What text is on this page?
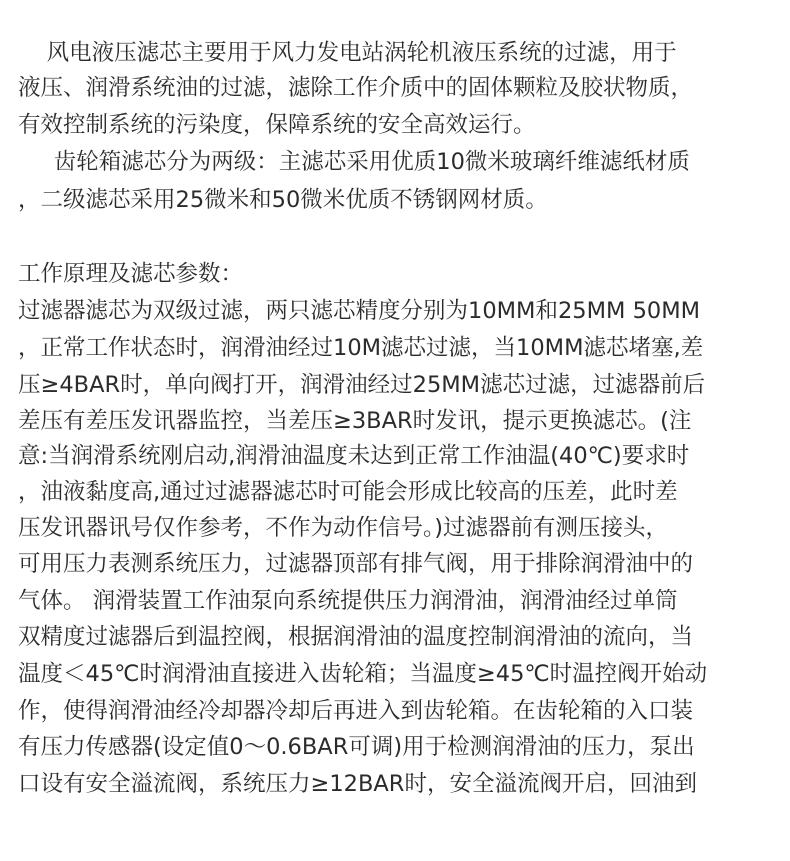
风电液压滤芯主要用于风力发电站涡轮机液压系统的过滤，用于
液压、润滑系统油的过滤，滤除工作介质中的固体颗粒及胶状物质，
有效控制系统的污染度，保障系统的安全高效运行。
齿轮箱滤芯分为两级：主滤芯采用优质10微米玻璃纤维滤纸材质
，二级滤芯采用25微米和50微米优质不锈钢网材质。
工作原理及滤芯参数：
过滤器滤芯为双级过滤，两只滤芯精度分别为10MM和25MM 50MM
，正常工作状态时，润滑油经过10M滤芯过滤，当10MM滤芯堵塞,差
压≥4BAR时，单向阀打开，润滑油经过25MM滤芯过滤，过滤器前后
差压有差压发讯器监控，当差压≥3BAR时发讯，提示更换滤芯。(注
意:当润滑系统刚启动,润滑油温度未达到正常工作油温(40℃)要求时
，油液黏度高,通过过滤器滤芯时可能会形成比较高的压差，此时差
压发讯器讯号仅作参考，不作为动作信号。)过滤器前有测压接头，
可用压力表测系统压力，过滤器顶部有排气阀，用于排除润滑油中的
气体。 润滑装置工作油泵向系统提供压力润滑油，润滑油经过单筒
双精度过滤器后到温控阀，根据润滑油的温度控制润滑油的流向，当
温度＜45℃时润滑油直接进入齿轮箱；当温度≥45℃时温控阀开始动
作，使得润滑油经冷却器冷却后再进入到齿轮箱。在齿轮箱的入口装
有压力传感器(设定值0～0.6BAR可调)用于检测润滑油的压力，泵出
口设有安全溢流阀，系统压力≥12BAR时，安全溢流阀开启，回油到
